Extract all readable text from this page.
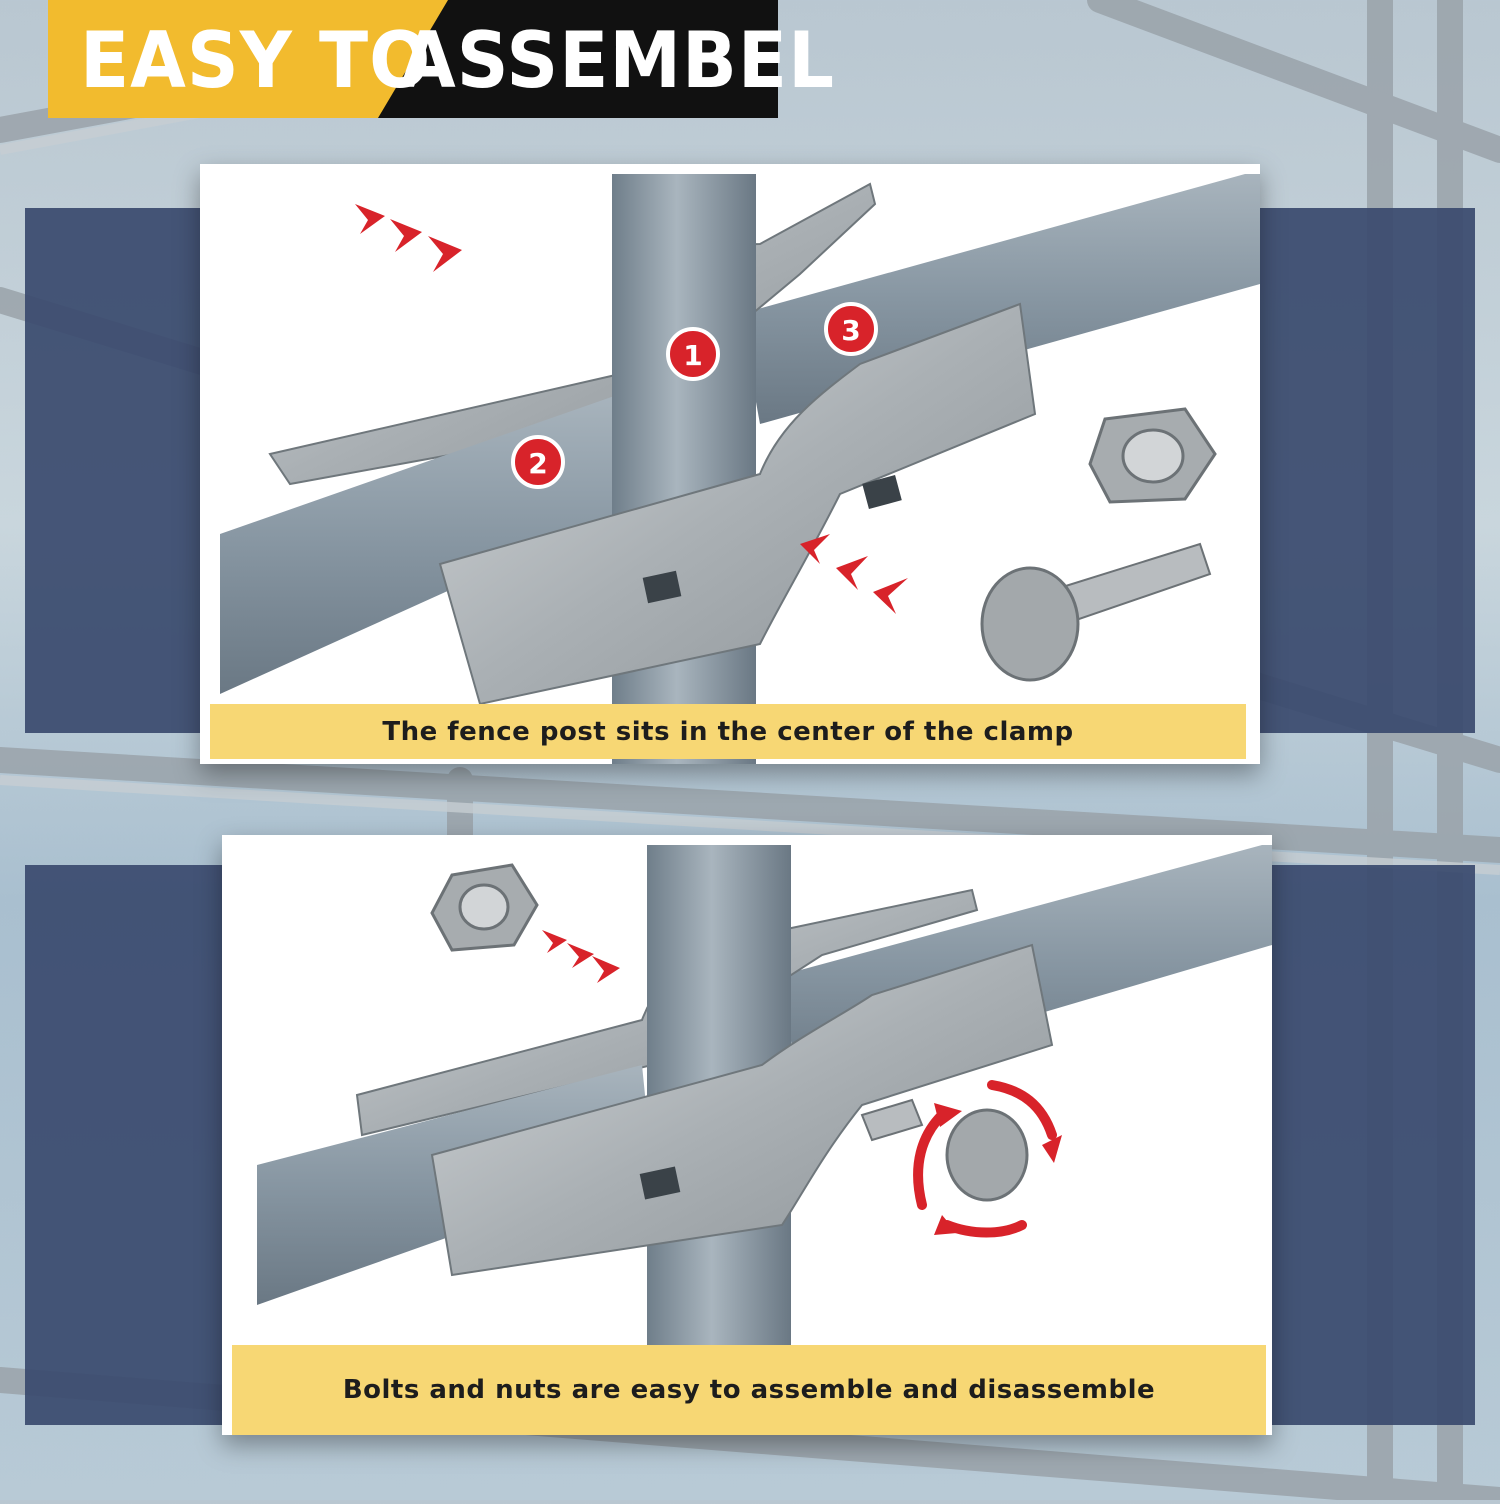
EASY TO
ASSEMBEL
1
2
3
The fence post sits in the center of the clamp
Bolts and nuts are easy to assemble and disassemble
